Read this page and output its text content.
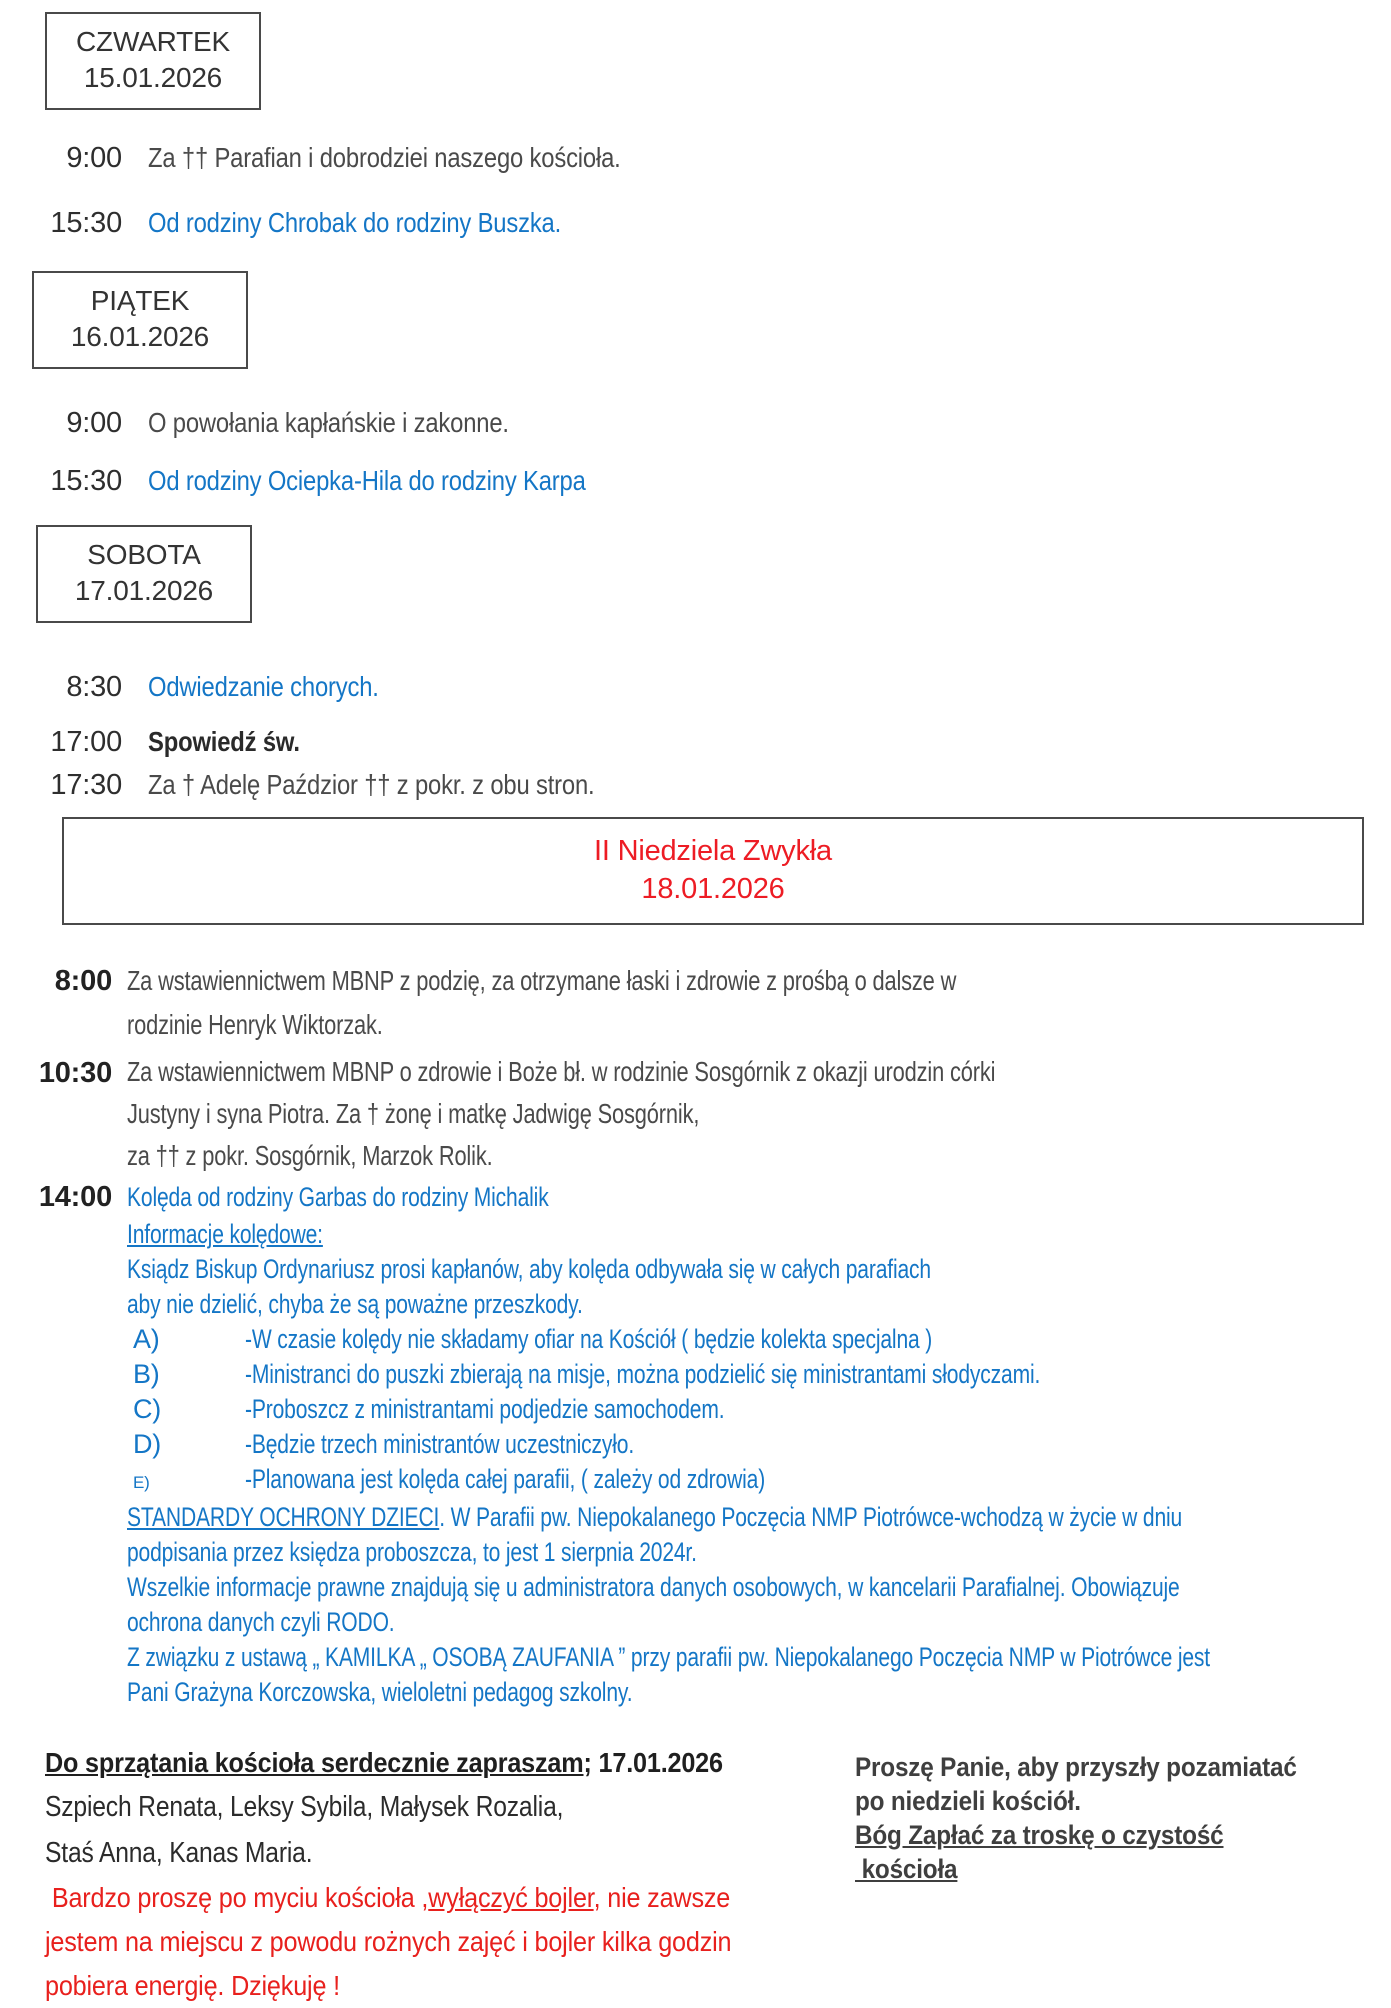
CZWARTEK
15.01.2026
9:00 Za †† Parafian i dobrodziei naszego kościoła.
15:30 Od rodziny Chrobak do rodziny Buszka.
PIĄTEK
16.01.2026
9:00 O powołania kapłańskie i zakonne.
15:30 Od rodziny Ociepka-Hila do rodziny Karpa
SOBOTA
17.01.2026
8:30 Odwiedzanie chorych.
17:00 Spowiedź św.
17:30 Za † Adelę Paździor †† z pokr. z obu stron.
II Niedziela Zwykła
18.01.2026
8:00 Za wstawiennictwem MBNP z podzię, za otrzymane łaski i zdrowie z prośbą o dalsze w
rodzinie Henryk Wiktorzak.
10:30 Za wstawiennictwem MBNP o zdrowie i Boże bł. w rodzinie Sosgórnik z okazji urodzin córki
Justyny i syna Piotra. Za † żonę i matkę Jadwigę Sosgórnik,
za †† z pokr. Sosgórnik, Marzok Rolik.
14:00 Kolęda od rodziny Garbas do rodziny Michalik
Informacje kolędowe:
Ksiądz Biskup Ordynariusz prosi kapłanów, aby kolęda odbywała się w całych parafiach
aby nie dzielić, chyba że są poważne przeszkody.
A)	-W czasie kolędy nie składamy ofiar na Kościół ( będzie kolekta specjalna )
B)	-Ministranci do puszki zbierają na misje, można podzielić się ministrantami słodyczami.
C)	-Proboszcz z ministrantami podjedzie samochodem.
D)	-Będzie trzech ministrantów uczestniczyło.
E)	-Planowana jest kolęda całej parafii, ( zależy od zdrowia)
STANDARDY OCHRONY DZIECI. W Parafii pw. Niepokalanego Poczęcia NMP Piotrówce-wchodzą w życie w dniu
podpisania przez księdza proboszcza, to jest 1 sierpnia 2024r.
Wszelkie informacje prawne znajdują się u administratora danych osobowych, w kancelarii Parafialnej. Obowiązuje
ochrona danych czyli RODO.
Z związku z ustawą „ KAMILKA „ OSOBĄ ZAUFANIA ” przy parafii pw. Niepokalanego Poczęcia NMP w Piotrówce jest
Pani Grażyna Korczowska, wieloletni pedagog szkolny.
Do sprzątania kościoła serdecznie zapraszam; 17.01.2026
Szpiech Renata, Leksy Sybila, Małysek Rozalia,
Staś Anna, Kanas Maria.
Bardzo proszę po myciu kościoła ,wyłączyć bojler, nie zawsze
jestem na miejscu z powodu rożnych zajęć i bojler kilka godzin
pobiera energię. Dziękuję !
Proszę Panie, aby przyszły pozamiatać
po niedzieli kościół.
Bóg Zapłać za troskę o czystość
kościoła
